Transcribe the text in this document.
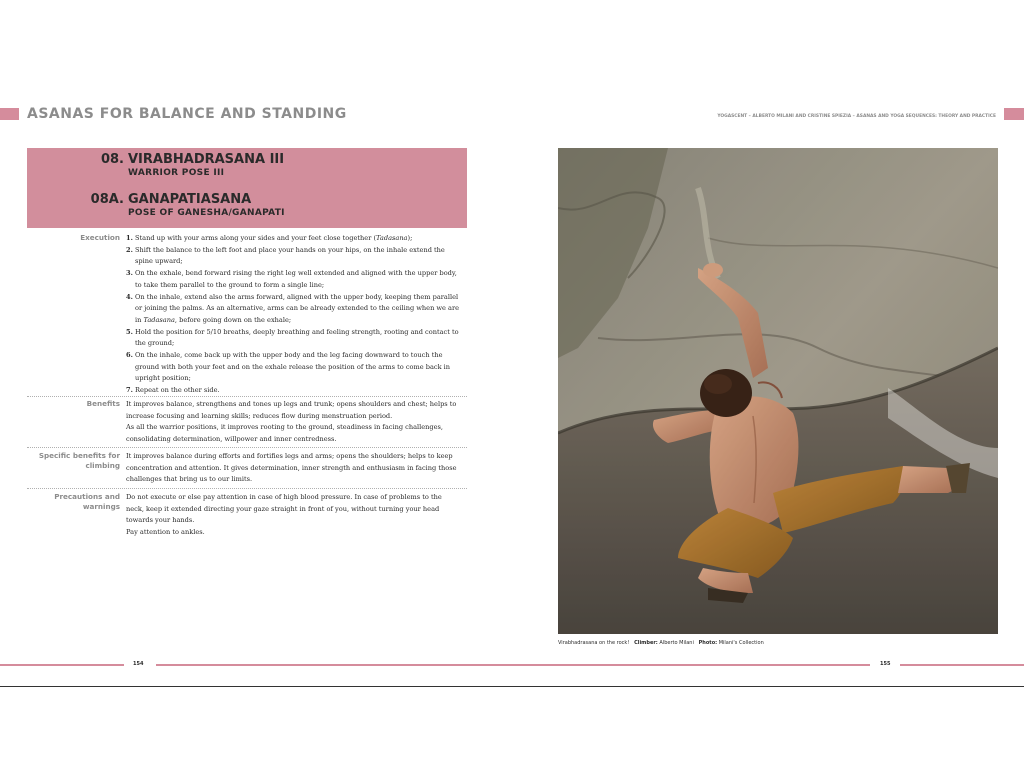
ASANAS FOR BALANCE AND STANDING	YOGASCENT – ALBERTO MILANI AND CRISTINE SPIEZIA – ASANAS AND YOGA SEQUENCES: THEORY AND PRACTICE
08. VIRABHADRASANA III
WARRIOR POSE III
08A. GANAPATIASANA
POSE OF GANESHA/GANAPATI
Execution 1. Stand up with your arms along your sides and your feet close together (Tadasana);
2. Shift the balance to the left foot and place your hands on your hips, on the inhale extend the
spine upward;
3. On the exhale, bend forward rising the right leg well extended and aligned with the upper body,
to take them parallel to the ground to form a single line;
4. On the inhale, extend also the arms forward, aligned with the upper body, keeping them parallel
or joining the palms. As an alternative, arms can be already extended to the ceiling when we are
in Tadasana, before going down on the exhale;
5. Hold the position for 5/10 breaths, deeply breathing and feeling strength, rooting and contact to
the ground;
6. On the inhale, come back up with the upper body and the leg facing downward to touch the
ground with both your feet and on the exhale release the position of the arms to come back in
upright position;
7. Repeat on the other side.
Benefits It improves balance, strengthens and tones up legs and trunk; opens shoulders and chest; helps to
increase focusing and learning skills; reduces flow during menstruation period.
As all the warrior positions, it improves rooting to the ground, steadiness in facing challenges,
consolidating determination, willpower and inner centredness.
Specific benefits for
climbing
It improves balance during efforts and fortifies legs and arms; opens the shoulders; helps to keep
concentration and attention. It gives determination, inner strength and enthusiasm in facing those
challenges that bring us to our limits.
Precautions and
warnings
Do not execute or else pay attention in case of high blood pressure. In case of problems to the
neck, keep it extended directing your gaze straight in front of you, without turning your head
towards your hands.
Pay attention to ankles.
Virabhadrasana on the rock! Climber: Alberto Milani Photo: Milani's Collection
154	155
